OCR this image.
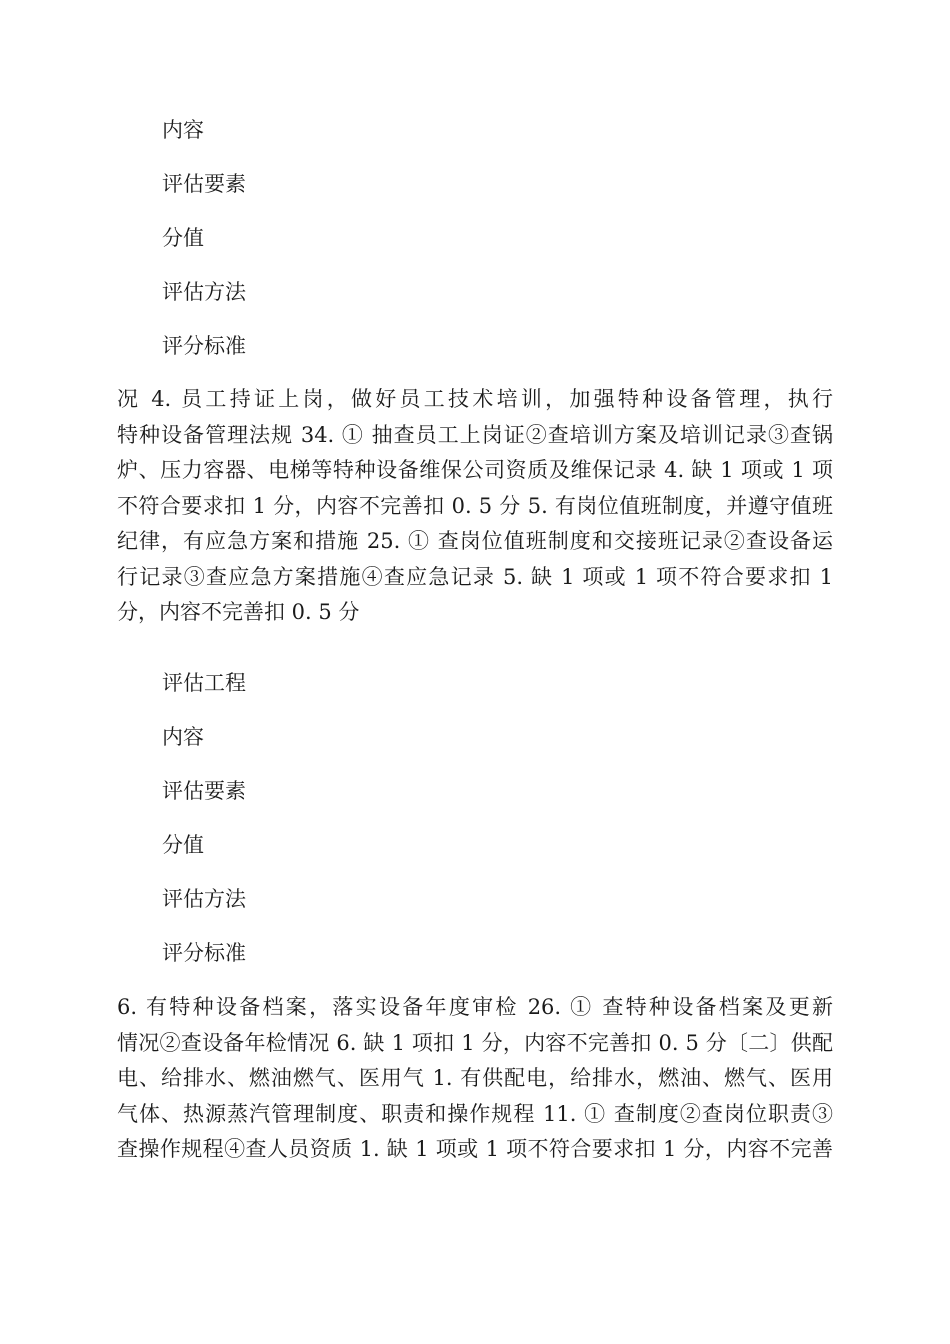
内容
评估要素
分值
评估方法
评分标准

况 4. 员工持证上岗，做好员工技术培训，加强特种设备管理，执行
特种设备管理法规 34. ① 抽查员工上岗证②查培训方案及培训记录③查锅
炉、压力容器、电梯等特种设备维保公司资质及维保记录 4. 缺 1 项或 1 项
不符合要求扣 1 分，内容不完善扣 0. 5 分 5. 有岗位值班制度，并遵守值班
纪律，有应急方案和措施 25. ① 查岗位值班制度和交接班记录②查设备运
行记录③查应急方案措施④查应急记录 5. 缺 1 项或 1 项不符合要求扣 1
分，内容不完善扣 0. 5 分

评估工程
内容
评估要素
分值
评估方法
评分标准

6. 有特种设备档案，落实设备年度审检 26. ① 查特种设备档案及更新
情况②查设备年检情况 6. 缺 1 项扣 1 分，内容不完善扣 0. 5 分〔二〕供配
电、给排水、燃油燃气、医用气 1. 有供配电，给排水，燃油、燃气、医用
气体、热源蒸汽管理制度、职责和操作规程 11. ① 查制度②查岗位职责③
查操作规程④查人员资质 1. 缺 1 项或 1 项不符合要求扣 1 分，内容不完善
